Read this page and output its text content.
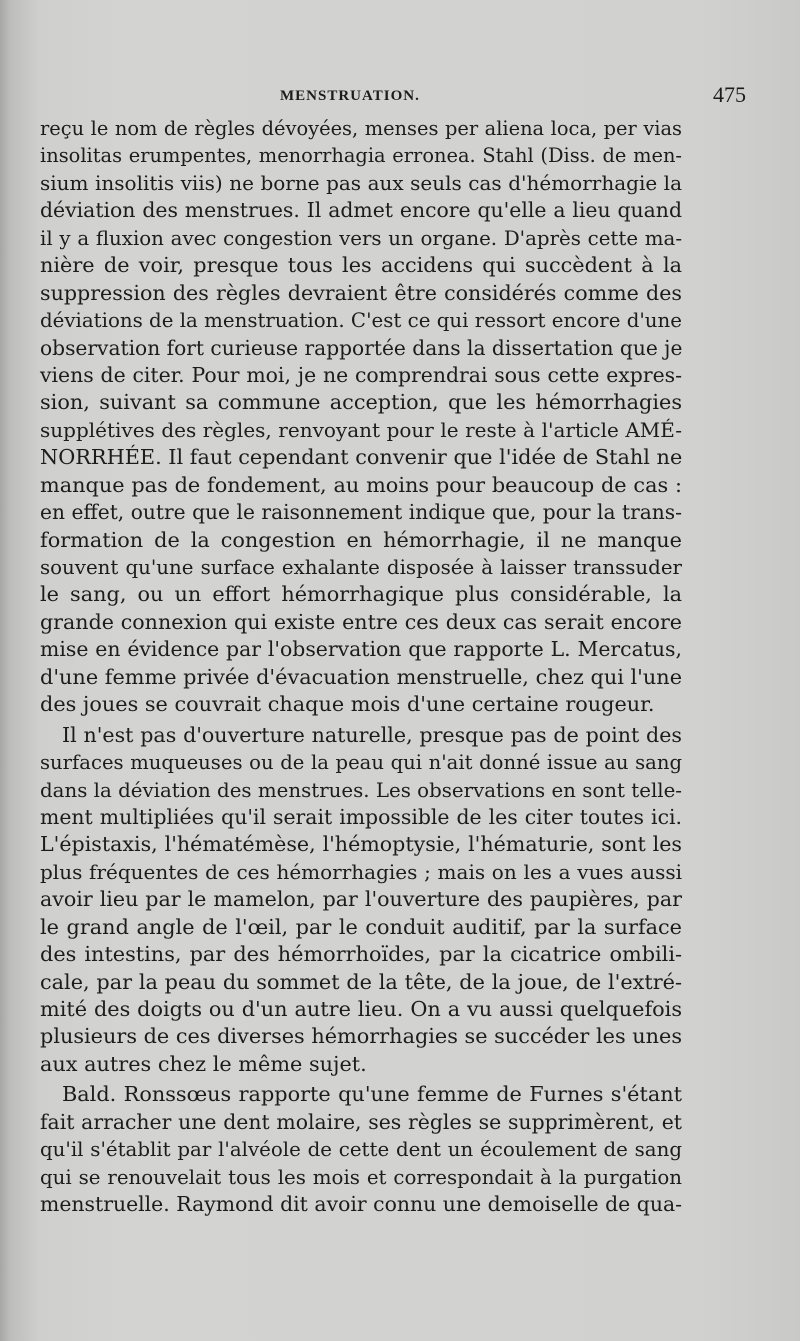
MENSTRUATION.	475
reçu le nom de règles dévoyées, menses per aliena loca, per vias
insolitas erumpentes, menorrhagia erronea. Stahl (Diss. de men-
sium insolitis viis) ne borne pas aux seuls cas d'hémorrhagie la
déviation des menstrues. Il admet encore qu'elle a lieu quand
il y a fluxion avec congestion vers un organe. D'après cette ma-
nière de voir, presque tous les accidens qui succèdent à la
suppression des règles devraient être considérés comme des
déviations de la menstruation. C'est ce qui ressort encore d'une
observation fort curieuse rapportée dans la dissertation que je
viens de citer. Pour moi, je ne comprendrai sous cette expres-
sion, suivant sa commune acception, que les hémorrhagies
supplétives des règles, renvoyant pour le reste à l'article AMÉ-
NORRHÉE. Il faut cependant convenir que l'idée de Stahl ne
manque pas de fondement, au moins pour beaucoup de cas :
en effet, outre que le raisonnement indique que, pour la trans-
formation de la congestion en hémorrhagie, il ne manque
souvent qu'une surface exhalante disposée à laisser transsuder
le sang, ou un effort hémorrhagique plus considérable, la
grande connexion qui existe entre ces deux cas serait encore
mise en évidence par l'observation que rapporte L. Mercatus,
d'une femme privée d'évacuation menstruelle, chez qui l'une
des joues se couvrait chaque mois d'une certaine rougeur.
Il n'est pas d'ouverture naturelle, presque pas de point des
surfaces muqueuses ou de la peau qui n'ait donné issue au sang
dans la déviation des menstrues. Les observations en sont telle-
ment multipliées qu'il serait impossible de les citer toutes ici.
L'épistaxis, l'hématémèse, l'hémoptysie, l'hématurie, sont les
plus fréquentes de ces hémorrhagies ; mais on les a vues aussi
avoir lieu par le mamelon, par l'ouverture des paupières, par
le grand angle de l'œil, par le conduit auditif, par la surface
des intestins, par des hémorrhoïdes, par la cicatrice ombili-
cale, par la peau du sommet de la tête, de la joue, de l'extré-
mité des doigts ou d'un autre lieu. On a vu aussi quelquefois
plusieurs de ces diverses hémorrhagies se succéder les unes
aux autres chez le même sujet.
Bald. Ronssœus rapporte qu'une femme de Furnes s'étant
fait arracher une dent molaire, ses règles se supprimèrent, et
qu'il s'établit par l'alvéole de cette dent un écoulement de sang
qui se renouvelait tous les mois et correspondait à la purgation
menstruelle. Raymond dit avoir connu une demoiselle de qua-
